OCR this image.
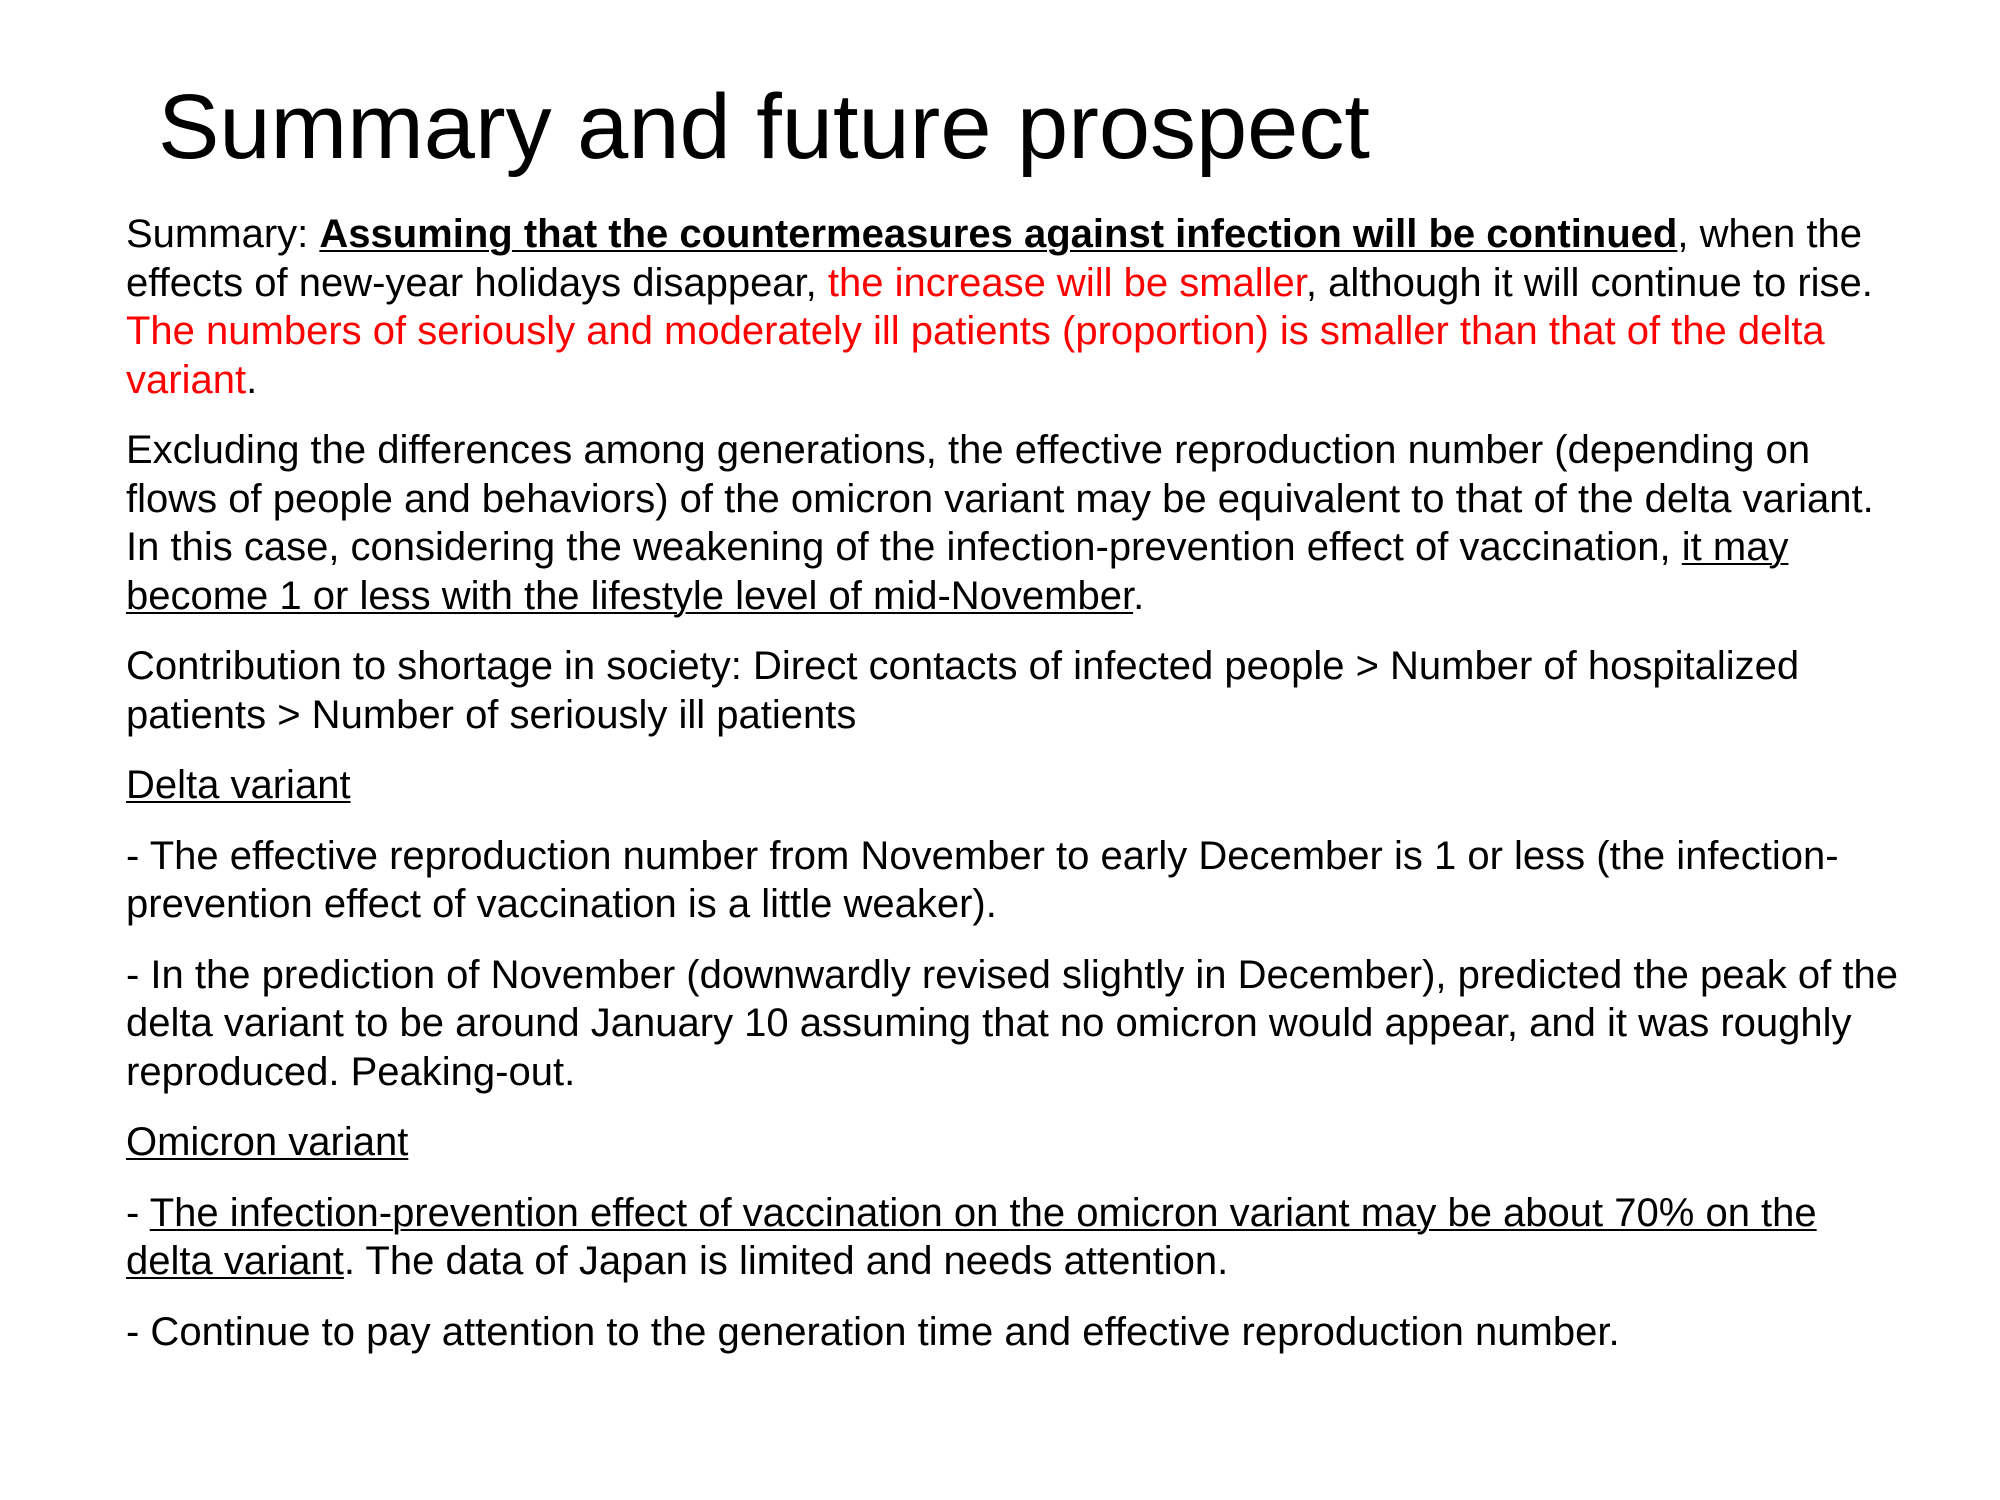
Summary and future prospect

Summary: Assuming that the countermeasures against infection will be continued, when the effects of new-year holidays disappear, the increase will be smaller, although it will continue to rise. The numbers of seriously and moderately ill patients (proportion) is smaller than that of the delta variant.

Excluding the differences among generations, the effective reproduction number (depending on flows of people and behaviors) of the omicron variant may be equivalent to that of the delta variant. In this case, considering the weakening of the infection-prevention effect of vaccination, it may become 1 or less with the lifestyle level of mid-November.

Contribution to shortage in society: Direct contacts of infected people > Number of hospitalized patients > Number of seriously ill patients

Delta variant

- The effective reproduction number from November to early December is 1 or less (the infection-prevention effect of vaccination is a little weaker).

- In the prediction of November (downwardly revised slightly in December), predicted the peak of the delta variant to be around January 10 assuming that no omicron would appear, and it was roughly reproduced. Peaking-out.

Omicron variant

- The infection-prevention effect of vaccination on the omicron variant may be about 70% on the delta variant. The data of Japan is limited and needs attention.

- Continue to pay attention to the generation time and effective reproduction number.
